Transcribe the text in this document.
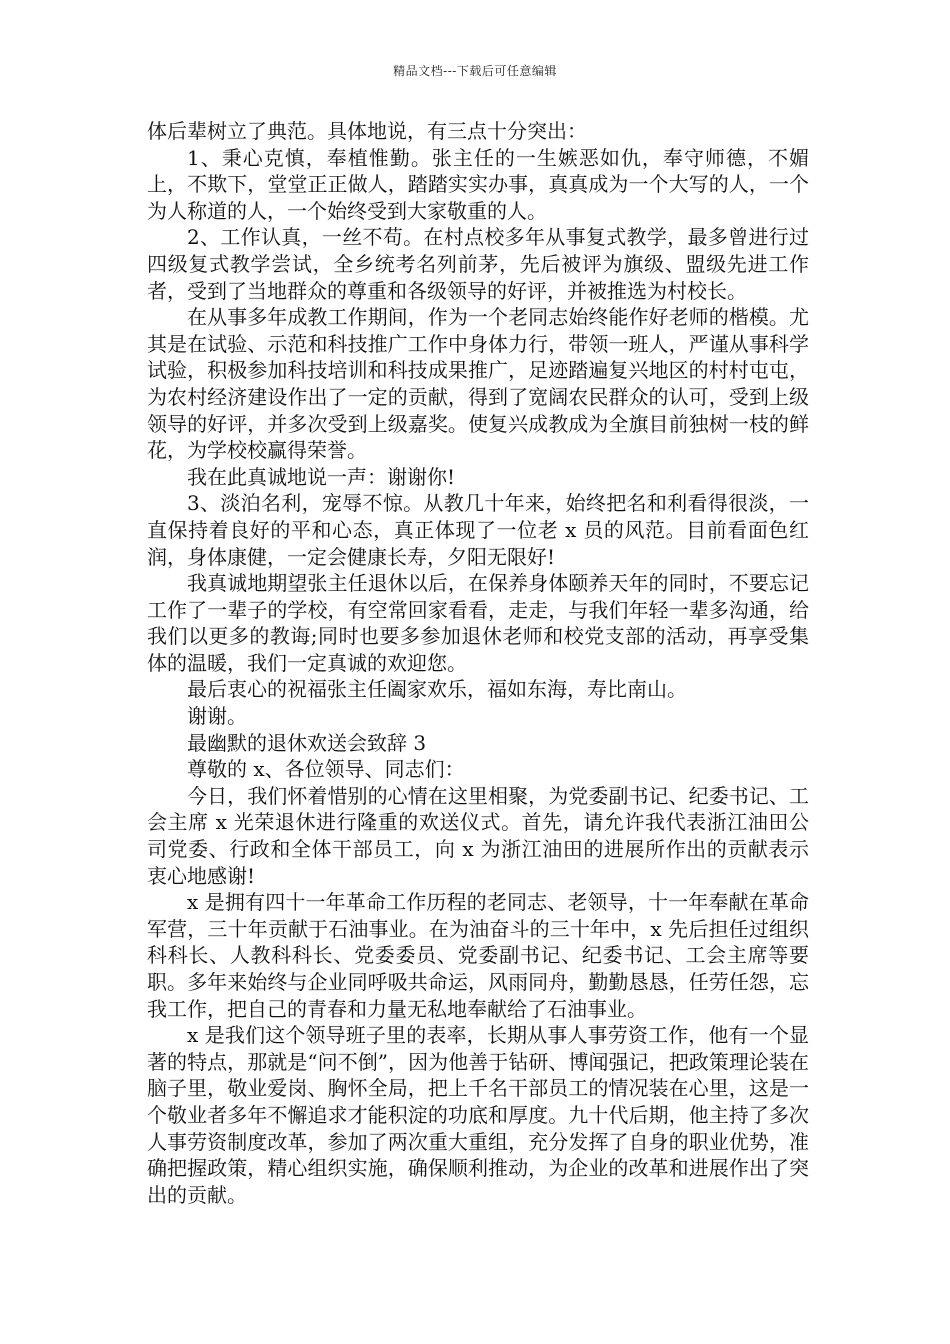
精品文档---下载后可任意编辑

体后辈树立了典范。具体地说，有三点十分突出：

1、秉心克慎，奉植惟勤。张主任的一生嫉恶如仇，奉守师德，不媚上，不欺下，堂堂正正做人，踏踏实实办事，真真成为一个大写的人，一个为人称道的人，一个始终受到大家敬重的人。

2、工作认真，一丝不苟。在村点校多年从事复式教学，最多曾进行过四级复式教学尝试，全乡统考名列前茅，先后被评为旗级、盟级先进工作者，受到了当地群众的尊重和各级领导的好评，并被推选为村校长。

在从事多年成教工作期间，作为一个老同志始终能作好老师的楷模。尤其是在试验、示范和科技推广工作中身体力行，带领一班人，严谨从事科学试验，积极参加科技培训和科技成果推广，足迹踏遍复兴地区的村村屯屯，为农村经济建设作出了一定的贡献，得到了宽阔农民群众的认可，受到上级领导的好评，并多次受到上级嘉奖。使复兴成教成为全旗目前独树一枝的鲜花，为学校校赢得荣誉。

我在此真诚地说一声：谢谢你!

3、淡泊名利，宠辱不惊。从教几十年来，始终把名和利看得很淡，一直保持着良好的平和心态，真正体现了一位老 x 员的风范。目前看面色红润，身体康健，一定会健康长寿，夕阳无限好!

我真诚地期望张主任退休以后，在保养身体颐养天年的同时，不要忘记工作了一辈子的学校，有空常回家看看，走走，与我们年轻一辈多沟通，给我们以更多的教诲;同时也要多参加退休老师和校党支部的活动，再享受集体的温暖，我们一定真诚的欢迎您。

最后衷心的祝福张主任阖家欢乐，福如东海，寿比南山。

谢谢。

最幽默的退休欢送会致辞 3

尊敬的 x、各位领导、同志们：

今日，我们怀着惜别的心情在这里相聚，为党委副书记、纪委书记、工会主席 x 光荣退休进行隆重的欢送仪式。首先，请允许我代表浙江油田公司党委、行政和全体干部员工，向 x 为浙江油田的进展所作出的贡献表示衷心地感谢!

x 是拥有四十一年革命工作历程的老同志、老领导，十一年奉献在革命军营，三十年贡献于石油事业。在为油奋斗的三十年中，x 先后担任过组织科科长、人教科科长、党委委员、党委副书记、纪委书记、工会主席等要职。多年来始终与企业同呼吸共命运，风雨同舟，勤勤恳恳，任劳任怨，忘我工作，把自己的青春和力量无私地奉献给了石油事业。

x 是我们这个领导班子里的表率，长期从事人事劳资工作，他有一个显著的特点，那就是“问不倒”，因为他善于钻研、博闻强记，把政策理论装在脑子里，敬业爱岗、胸怀全局，把上千名干部员工的情况装在心里，这是一个敬业者多年不懈追求才能积淀的功底和厚度。九十代后期，他主持了多次人事劳资制度改革，参加了两次重大重组，充分发挥了自身的职业优势，准确把握政策，精心组织实施，确保顺利推动，为企业的改革和进展作出了突出的贡献。
